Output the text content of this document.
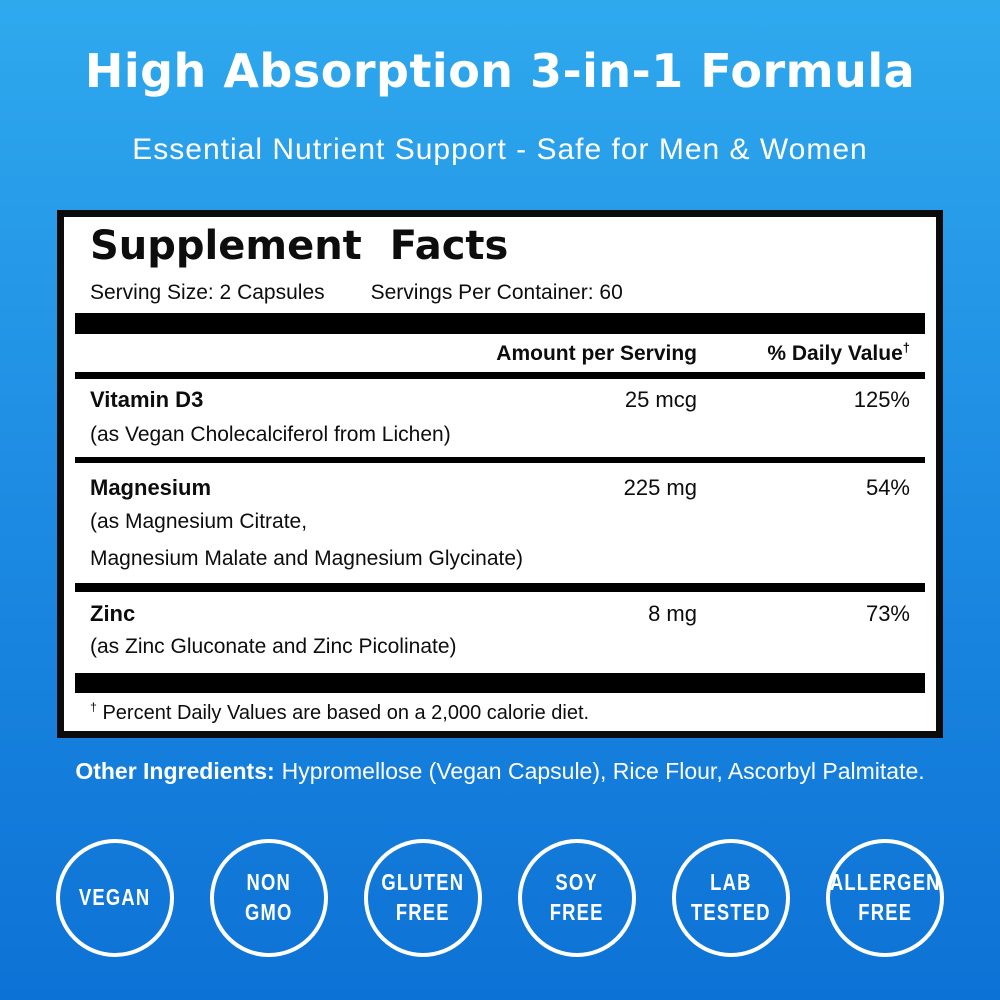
High Absorption 3-in-1 Formula
Essential Nutrient Support - Safe for Men & Women
Supplement Facts
Serving Size: 2 Capsules Servings Per Container: 60
Amount per Serving	% Daily Value†
Vitamin D3	25 mcg	125%
(as Vegan Cholecalciferol from Lichen)
Magnesium	225 mg	54%
(as Magnesium Citrate,
Magnesium Malate and Magnesium Glycinate)
Zinc	8 mg	73%
(as Zinc Gluconate and Zinc Picolinate)
† Percent Daily Values are based on a 2,000 calorie diet.
Other Ingredients: Hypromellose (Vegan Capsule), Rice Flour, Ascorbyl Palmitate.
VEGAN
NON
GMO
GLUTEN
FREE
SOY
FREE
LAB
TESTED
ALLERGEN
FREE
